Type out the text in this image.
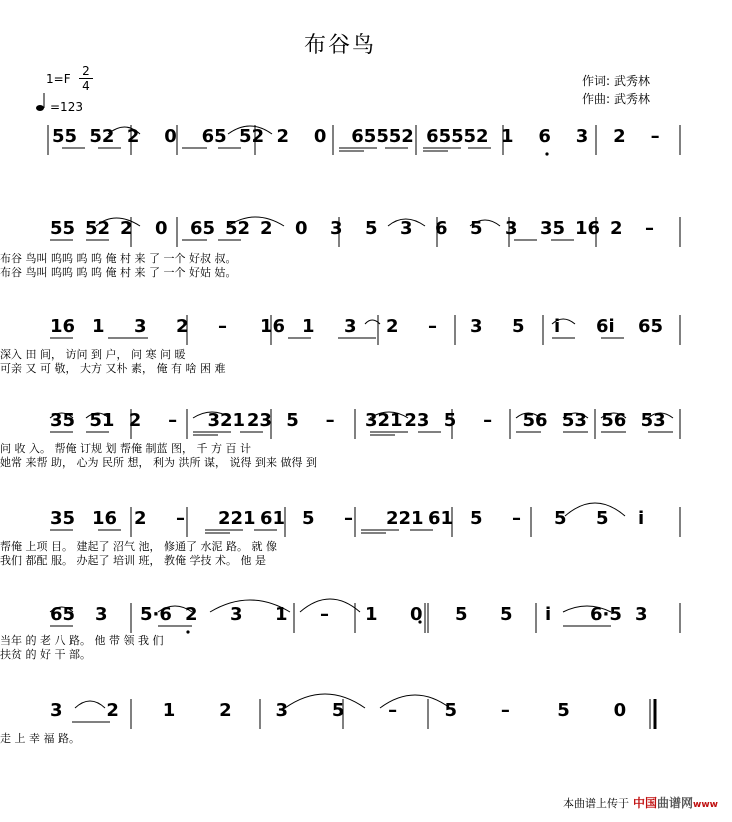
布谷鸟
1=F
2
4
=123
作词: 武秀林
作曲: 武秀林
55 52 2 0 65 52 2 0 655 52 655 52 1 6 3 2 –
55 52 2 0 65 52 2 0 3 5 3 6 5 3 35 16 2 –
布谷 鸟叫 呜呜 呜 呜 俺 村 来 了 一个 好叔 叔。
布谷 鸟叫 呜呜 呜 呜 俺 村 来 了 一个 好姑 姑。
16 1 3 2 – 16 1 3 2 – 3 5 i 6i 65
深入 田 间， 访问 到 户， 问 寒 问 暖
可亲 又 可 敬， 大方 又朴 素， 俺 有 啥 困 难
35 51 2 – 321 23 5 – 321 23 5 – 56 53 56 53
问 收 入。 帮俺 订规 划 帮俺 制蓝 图， 千 方 百 计
她常 来帮 助， 心为 民所 想， 利为 洪所 谋， 说得 到来 做得 到
35 16 2 – 221 61 5 – 221 61 5 – 5 5 i
帮俺 上项 目。 建起了 沼气 池， 修通了 水泥 路。 就 像
我们 都配 服。 办起了 培训 班， 教俺 学技 术。 他 是
65 3 5·6 2 3 1 – 1 0 5 5 i 6·5 3
当年 的 老 八 路。 他 带 领 我 们
扶贫 的 好 干 部。
3 2 1 2 3 5 –	5 –	5 0
走 上 幸 福 路。
本曲谱上传于 中国曲谱网www
